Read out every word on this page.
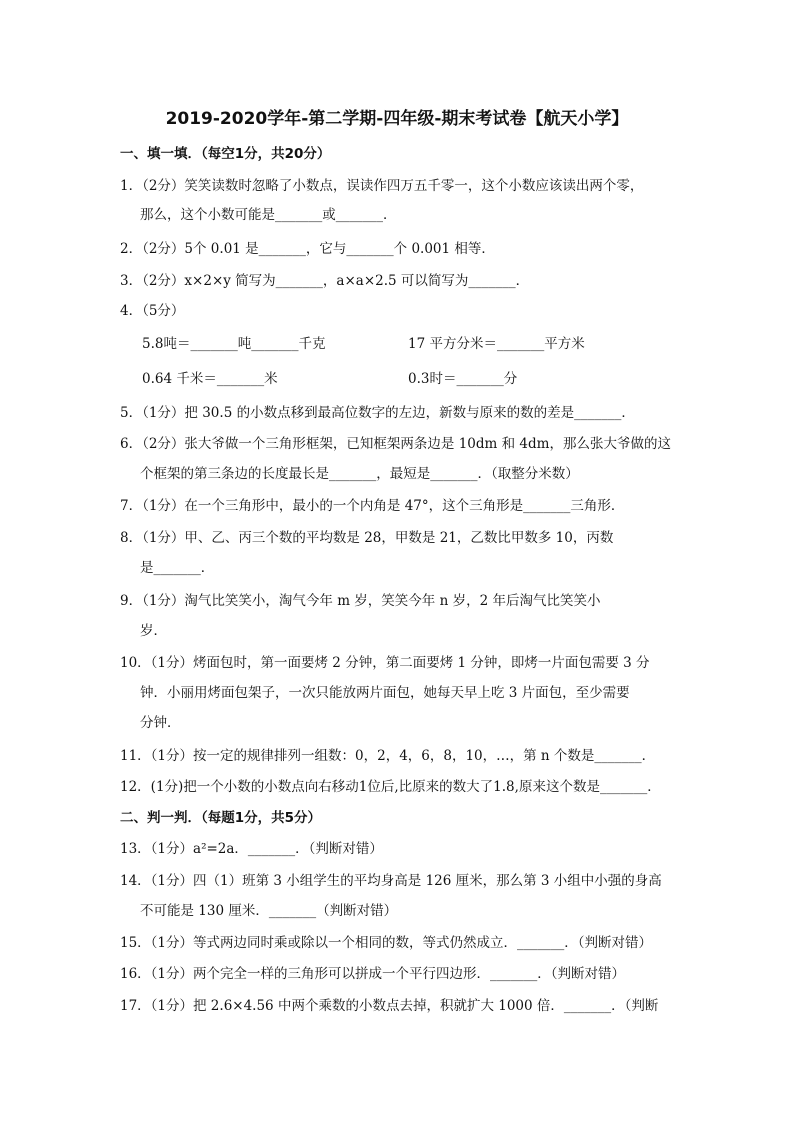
2019-2020学年-第二学期-四年级-期末考试卷【航天小学】
一、填一填．（每空1分，共20分）
1．（2分）笑笑读数时忽略了小数点，误读作四万五千零一，这个小数应该读出两个零，
那么，这个小数可能是_______或_______．
2．（2分）5个 0.01 是_______，它与_______个 0.001 相等．
3．（2分）x×2×y 简写为_______，a×a×2.5 可以简写为_______．
4．（5分）
5.8吨＝_______吨_______千克	17 平方分米＝_______平方米
0.64 千米＝_______米	0.3时＝_______分
5．（1分）把 30.5 的小数点移到最高位数字的左边，新数与原来的数的差是_______．
6．（2分）张大爷做一个三角形框架，已知框架两条边是 10dm 和 4dm，那么张大爷做的这
个框架的第三条边的长度最长是_______，最短是_______．（取整分米数）
7．（1分）在一个三角形中，最小的一个内角是 47°，这个三角形是_______三角形．
8．（1分）甲、乙、丙三个数的平均数是 28，甲数是 21，乙数比甲数多 10，丙数
是_______．
9．（1分）淘气比笑笑小，淘气今年 m 岁，笑笑今年 n 岁，2 年后淘气比笑笑小
岁．
10．（1分）烤面包时，第一面要烤 2 分钟，第二面要烤 1 分钟，即烤一片面包需要 3 分
钟．小丽用烤面包架子，一次只能放两片面包，她每天早上吃 3 片面包，至少需要
分钟．
11．（1分）按一定的规律排列一组数：0，2，4，6，8，10，…，第 n 个数是_______．
12．(1分)把一个小数的小数点向右移动1位后,比原来的数大了1.8,原来这个数是_______．
二、判一判．（每题1分，共5分）
13．（1分）a²=2a．_______．（判断对错）
14．（1分）四（1）班第 3 小组学生的平均身高是 126 厘米，那么第 3 小组中小强的身高
不可能是 130 厘米．_______（判断对错）
15．（1分）等式两边同时乘或除以一个相同的数，等式仍然成立．_______．（判断对错）
16．（1分）两个完全一样的三角形可以拼成一个平行四边形．_______．（判断对错）
17．（1分）把 2.6×4.56 中两个乘数的小数点去掉，积就扩大 1000 倍．_______．（判断
